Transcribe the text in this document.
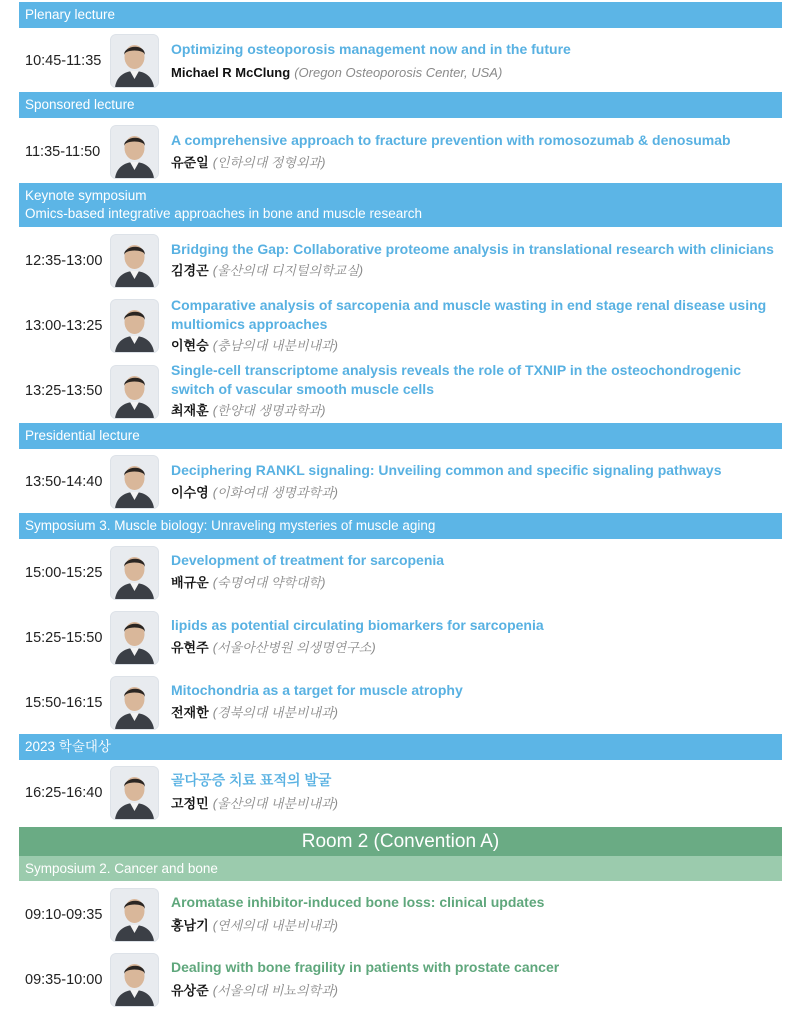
Plenary lecture
10:45-11:35
Optimizing osteoporosis management now and in the future
Michael R McClung (Oregon Osteoporosis Center, USA)
Sponsored lecture
11:35-11:50
A comprehensive approach to fracture prevention with romosozumab & denosumab
유준일 (인하의대 정형외과)
Keynote symposium
Omics-based integrative approaches in bone and muscle research
12:35-13:00
Bridging the Gap: Collaborative proteome analysis in translational research with clinicians
김경곤 (울산의대 디지털의학교실)
13:00-13:25
Comparative analysis of sarcopenia and muscle wasting in end stage renal disease using multiomics approaches
이현승 (충남의대 내분비내과)
13:25-13:50
Single-cell transcriptome analysis reveals the role of TXNIP in the osteochondrogenic switch of vascular smooth muscle cells
최재훈 (한양대 생명과학과)
Presidential lecture
13:50-14:40
Deciphering RANKL signaling: Unveiling common and specific signaling pathways
이수영 (이화여대 생명과학과)
Symposium 3. Muscle biology: Unraveling mysteries of muscle aging
15:00-15:25
Development of treatment for sarcopenia
배규운 (숙명여대 약학대학)
15:25-15:50
lipids as potential circulating biomarkers for sarcopenia
유현주 (서울아산병원 의생명연구소)
15:50-16:15
Mitochondria as a target for muscle atrophy
전재한 (경북의대 내분비내과)
2023 학술대상
16:25-16:40
골다공증 치료 표적의 발굴
고정민 (울산의대 내분비내과)
Room 2 (Convention A)
Symposium 2. Cancer and bone
09:10-09:35
Aromatase inhibitor-induced bone loss: clinical updates
홍남기 (연세의대 내분비내과)
09:35-10:00
Dealing with bone fragility in patients with prostate cancer
유상준 (서울의대 비뇨의학과)
